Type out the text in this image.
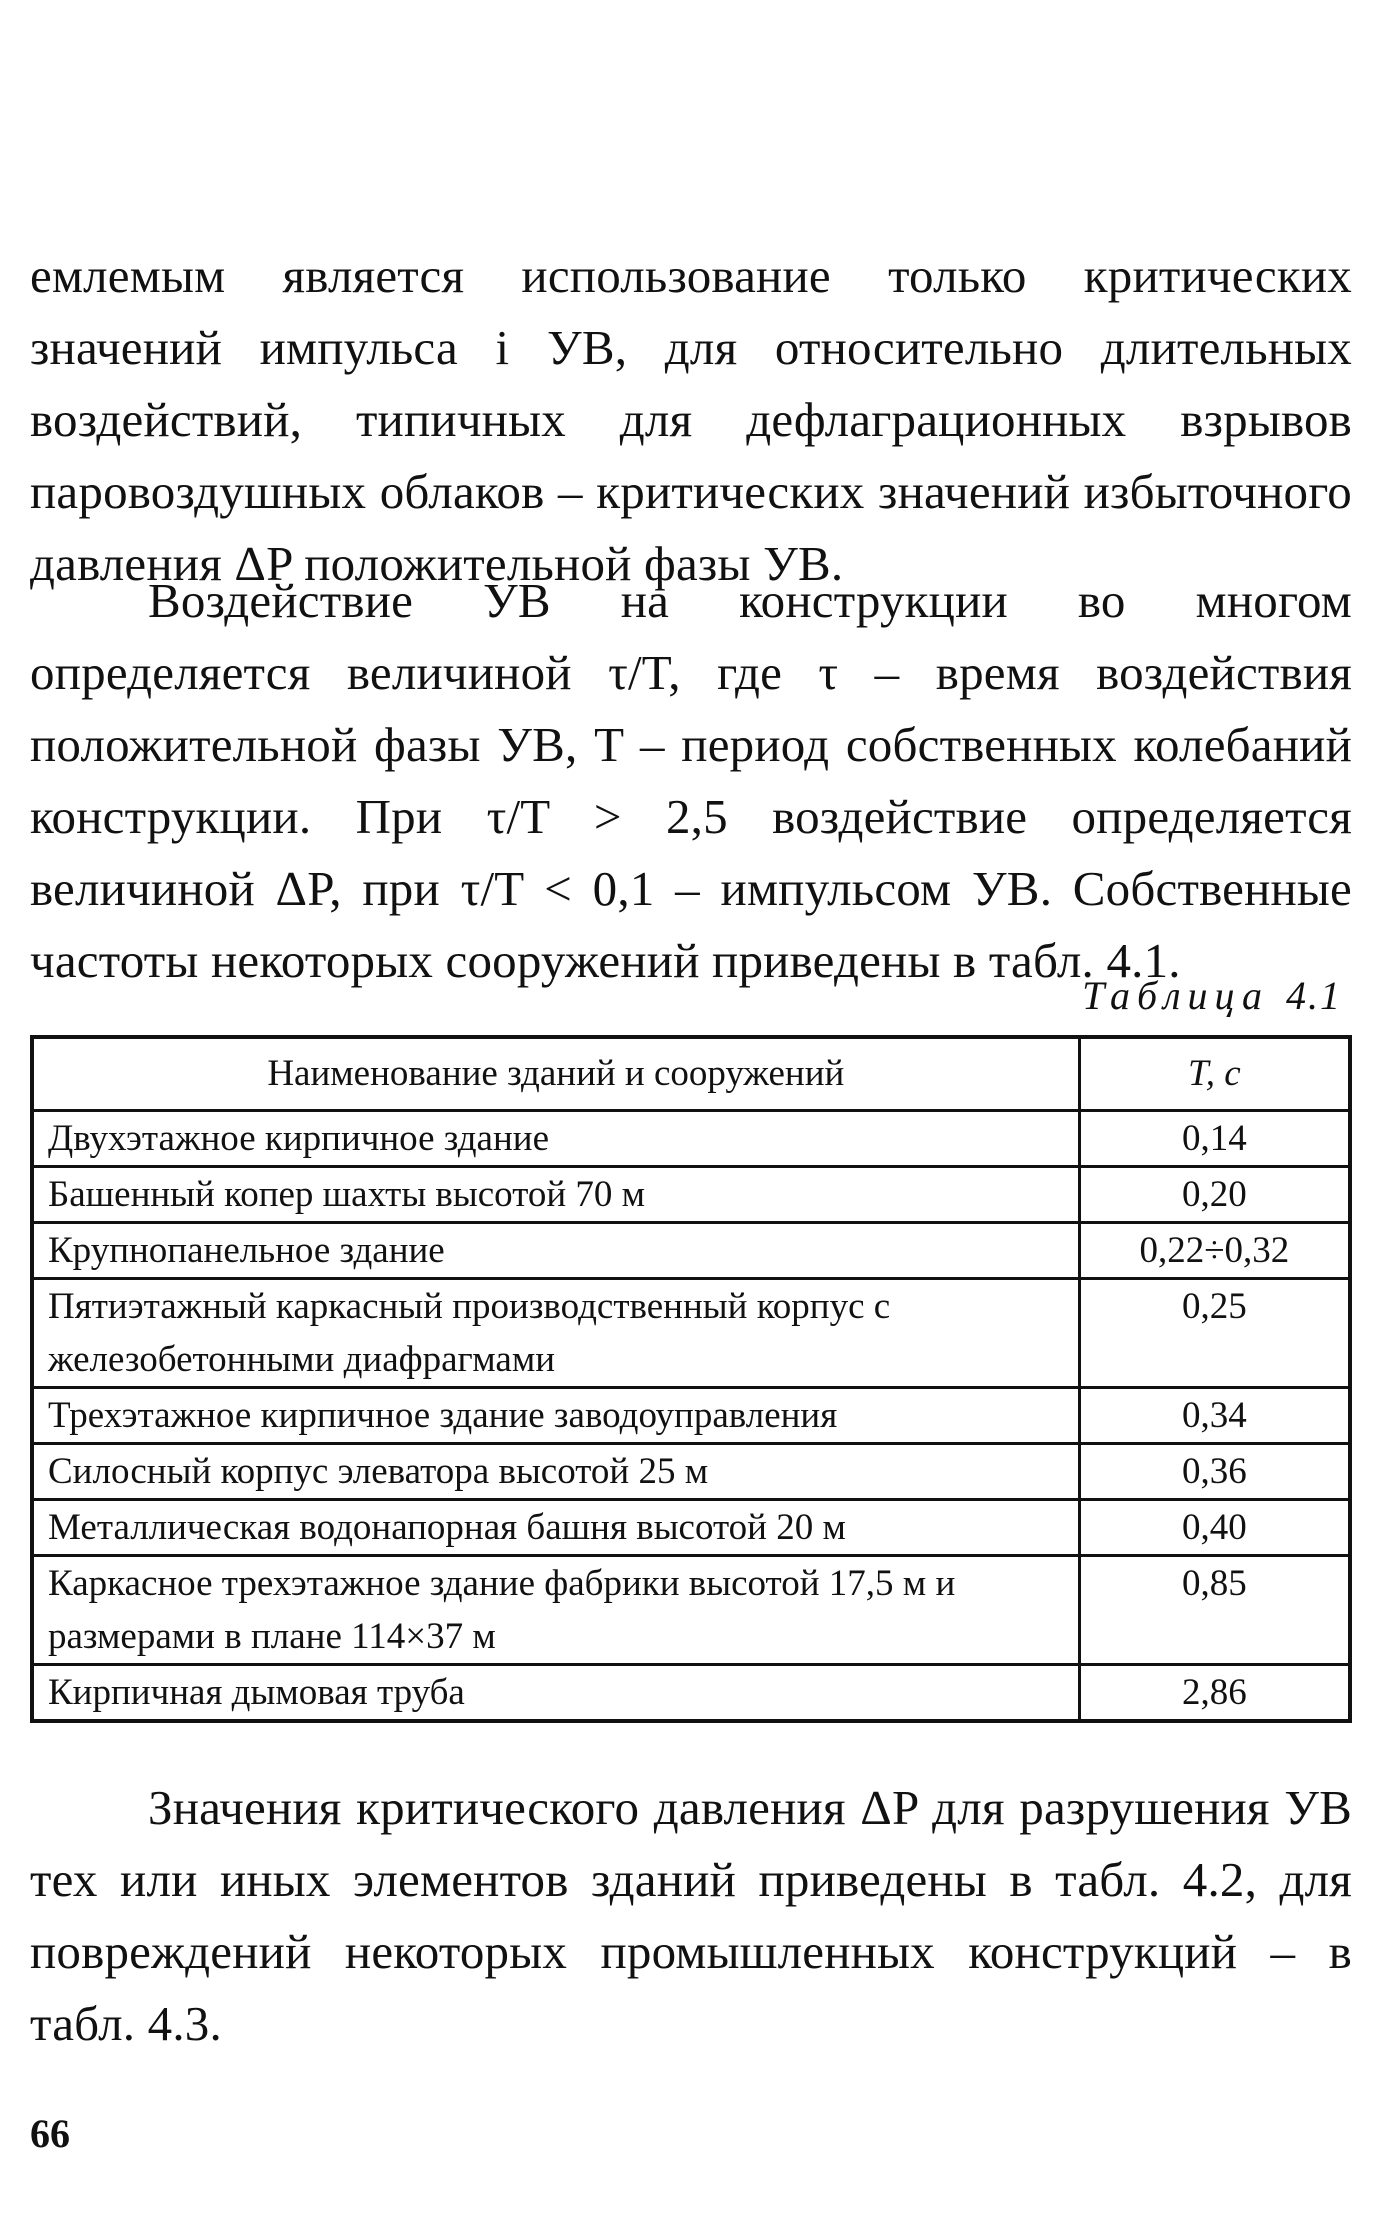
емлемым является использование только критических значений импульса i УВ, для относительно длительных воздействий, типичных для дефлаграционных взрывов паровоздушных облаков – критических значений избыточного давления ΔP положительной фазы УВ.

Воздействие УВ на конструкции во многом определяется величиной τ/T, где τ – время воздействия положительной фазы УВ, T – период собственных колебаний конструкции. При τ/T > 2,5 воздействие определяется величиной ΔP, при τ/T < 0,1 – импульсом УВ. Собственные частоты некоторых сооружений приведены в табл. 4.1.

Таблица 4.1
Наименование зданий и сооружений	T, с
Двухэтажное кирпичное здание	0,14
Башенный копер шахты высотой 70 м	0,20
Крупнопанельное здание	0,22÷0,32
Пятиэтажный каркасный производственный корпус с железобетонными диафрагмами	0,25
Трехэтажное кирпичное здание заводоуправления	0,34
Силосный корпус элеватора высотой 25 м	0,36
Металлическая водонапорная башня высотой 20 м	0,40
Каркасное трехэтажное здание фабрики высотой 17,5 м и размерами в плане 114×37 м	0,85
Кирпичная дымовая труба	2,86

Значения критического давления ΔP для разрушения УВ тех или иных элементов зданий приведены в табл. 4.2, для повреждений некоторых промышленных конструкций – в табл. 4.3.

66
